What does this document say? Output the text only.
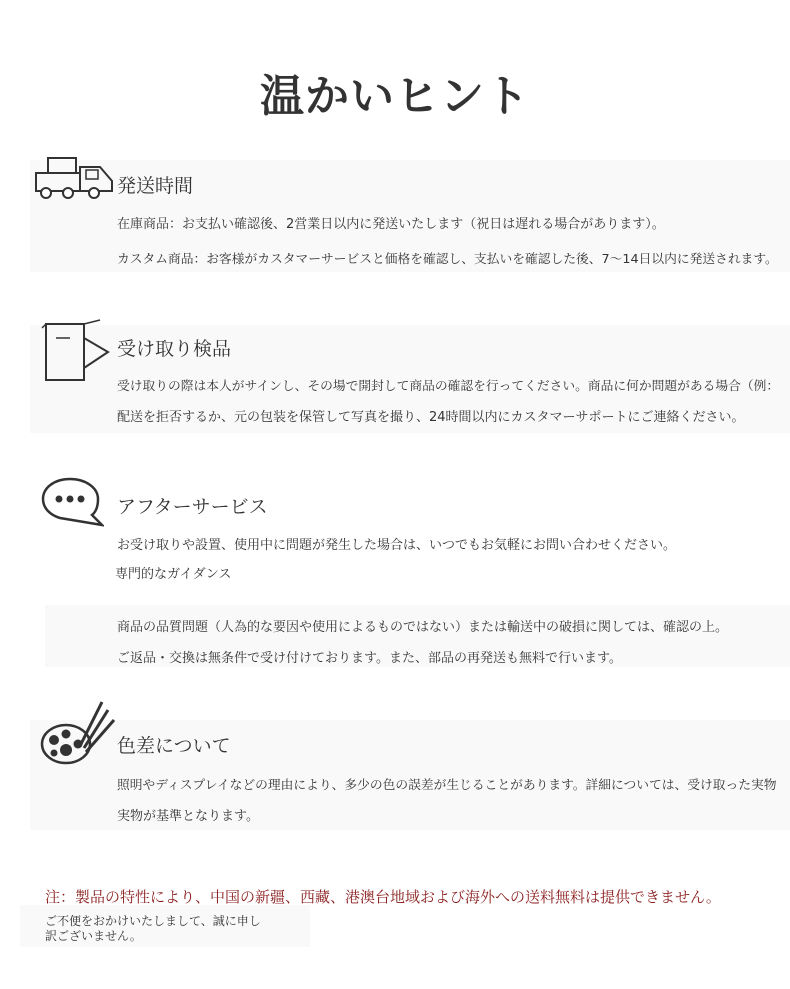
温かいヒント
発送時間
在庫商品：お支払い確認後、2営業日以内に発送いたします（祝日は遅れる場合があります）。
カスタム商品：お客様がカスタマーサービスと価格を確認し、支払いを確認した後、7〜14日以内に発送されます。
受け取り検品
受け取りの際は本人がサインし、その場で開封して商品の確認を行ってください。商品に何か問題がある場合（例：
配送を拒否するか、元の包装を保管して写真を撮り、24時間以内にカスタマーサポートにご連絡ください。
アフターサービス
お受け取りや設置、使用中に問題が発生した場合は、いつでもお気軽にお問い合わせください。
専門的なガイダンス
商品の品質問題（人為的な要因や使用によるものではない）または輸送中の破損に関しては、確認の上。
ご返品・交換は無条件で受け付けております。また、部品の再発送も無料で行います。
色差について
照明やディスプレイなどの理由により、多少の色の誤差が生じることがあります。詳細については、受け取った実物
実物が基準となります。
注：製品の特性により、中国の新疆、西藏、港澳台地域および海外への送料無料は提供できません。
ご不便をおかけいたしまして、誠に申し
訳ございません。
